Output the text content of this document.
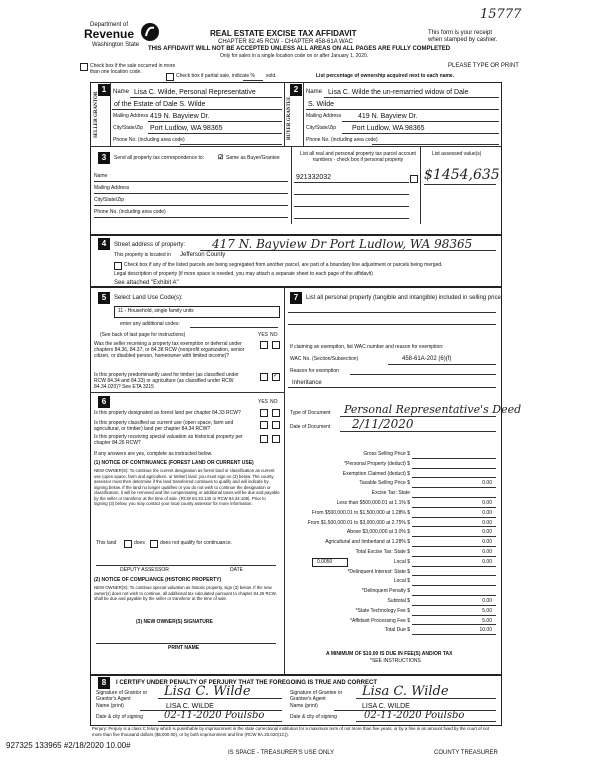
15777
Department of
Revenue
Washington State
REAL ESTATE EXCISE TAX AFFIDAVIT
CHAPTER 82.45 RCW - CHAPTER 458-61A WAC
THIS AFFIDAVIT WILL NOT BE ACCEPTED UNLESS ALL AREAS ON ALL PAGES ARE FULLY COMPLETED
Only for sales in a single location code on or after January 1, 2020.
This form is your receipt when stamped by cashier.
PLEASE TYPE OR PRINT
Check box if the sale occurred in more than one location code.
Check box if partial sale, indicate % sold.	List percentage of ownership acquired next to each name.
1
SELLER GRANTOR Name Lisa C. Wilde, Personal Representative
of the Estate of Dale S. Wilde
Mailing Address 419 N. Bayview Dr.
City/State/Zip Port Ludlow, WA 98365
Phone No. (including area code)
2
BUYER GRANTEE
Name Lisa C. Wilde the un-remarried widow of Dale
S. Wilde
Mailing Address 419 N. Bayview Dr.
City/State/Zip Port Ludlow, WA 98365
Phone No. (including area code)
3	Send all property tax correspondence to: ☑ Same as Buyer/Grantee
List all real and personal property tax parcel account numbers - check box if personal property
List assessed value(s)
Name
Mailing Address
City/State/Zip
Phone No. (including area code)
921332032	$1454,635
4	Street address of property: 417 N. Bayview Dr Port Ludlow, WA 98365
This property is located in Jefferson County
Check box if any of the listed parcels are being segregated from another parcel, are part of a boundary line adjustment or parcels being merged.
Legal description of property (if more space is needed, you may attach a separate sheet to each page of the affidavit)
See attached "Exhibit A"
5	Select Land Use Code(s):
11 - Household, single family units
enter any additional codes:
(See back of last page for instructions)	YES NO
Was the seller receiving a property tax exemption or deferral under chapters 84.36, 84.37, or 84.38 RCW (nonprofit organization, senior citizen, or disabled person, homeowner with limited income)?
Is this property predominantly used for timber (as classified under RCW 84.34 and 84.33) or agriculture (as classified under RCW 84.34.020)? See ETA 3215
✓
6	YES NO
Is this property designated as forest land per chapter 84.33 RCW?
Is this property classified as current use (open space, farm and agricultural, or timber) land per chapter 84.34 RCW?
Is this property receiving special valuation as historical property per chapter 84.26 RCW?
If any answers are yes, complete as instructed below.
(1) NOTICE OF CONTINUANCE (FOREST LAND OR CURRENT USE)
NEW OWNER(S): To continue the current designation as forest land or classification as current use (open space, farm and agriculture, or timber) land, you must sign on (3) below. The county assessor must then determine if the land transferred continues to qualify and will indicate by signing below. If the land no longer qualifies or you do not wish to continue the designation or classification, it will be removed and the compensating or additional taxes will be due and payable by the seller or transferor at the time of sale. (RCW 84.33.140 or RCW 84.34.108). Prior to signing (3) below, you may contact your local county assessor for more information.
This land	does	does not qualify for continuance.
DEPUTY ASSESSOR	DATE
(2) NOTICE OF COMPLIANCE (HISTORIC PROPERTY)
NEW OWNER(S): To continue special valuation as historic property, sign (3) below. If the new owner(s) does not wish to continue, all additional tax calculated pursuant to chapter 84.26 RCW, shall be due and payable by the seller or transferor at the time of sale.
(3) NEW OWNER(S) SIGNATURE
PRINT NAME
7	List all personal property (tangible and intangible) included in selling price.
If claiming an exemption, list WAC number and reason for exemption:
WAC No. (Section/Subsection)	458-61A-202 (6)(f)
Reason for exemption
Inheritance
Type of Document Personal Representative's Deed
Date of Document 2/11/2020
Gross Selling Price $
*Personal Property (deduct) $
Exemption Claimed (deduct) $
Taxable Selling Price $	0.00
Excise Tax: State
Less than $500,000.01 at 1.1% $	0.00
From $500,000.01 to $1,500,000 at 1.28% $	0.00
From $1,500,000.01 to $3,000,000 at 2.75% $	0.00
Above $3,000,000 at 3.0% $	0.00
Agricultural and timberland at 1.28% $	0.00
Total Excise Tax: State $	0.00
Local $	0.00
0.0050
*Delinquent Interest: State $
Local $
*Delinquent Penalty $
Subtotal $	0.00
*State Technology Fee $	5.00
*Affidavit Processing Fee $	5.00
Total Due $	10.00
A MINIMUM OF $10.00 IS DUE IN FEE(S) AND/OR TAX
*SEE INSTRUCTIONS
8	I CERTIFY UNDER PENALTY OF PERJURY THAT THE FOREGOING IS TRUE AND CORRECT
Signature of Grantor or Grantor's Agent	Lisa C. Wilde
Name (print)	LISA C. WILDE
Date & city of signing 02-11-2020 Poulsbo
Signature of Grantee or Grantee's Agent	Lisa C. Wilde
Name (print)	LISA C. WILDE
Date & city of signing	02-11-2020 Poulsbo
Perjury: Perjury is a class C felony which is punishable by imprisonment in the state correctional institution for a maximum term of not more than five years, or by a fine in an amount fixed by the court of not more than five thousand dollars ($5,000.00), or by both imprisonment and fine (RCW 9A.20.020(1C)).
927325 133965 #2/18/2020 10.00#
IS SPACE - TREASURER'S USE ONLY	COUNTY TREASURER
